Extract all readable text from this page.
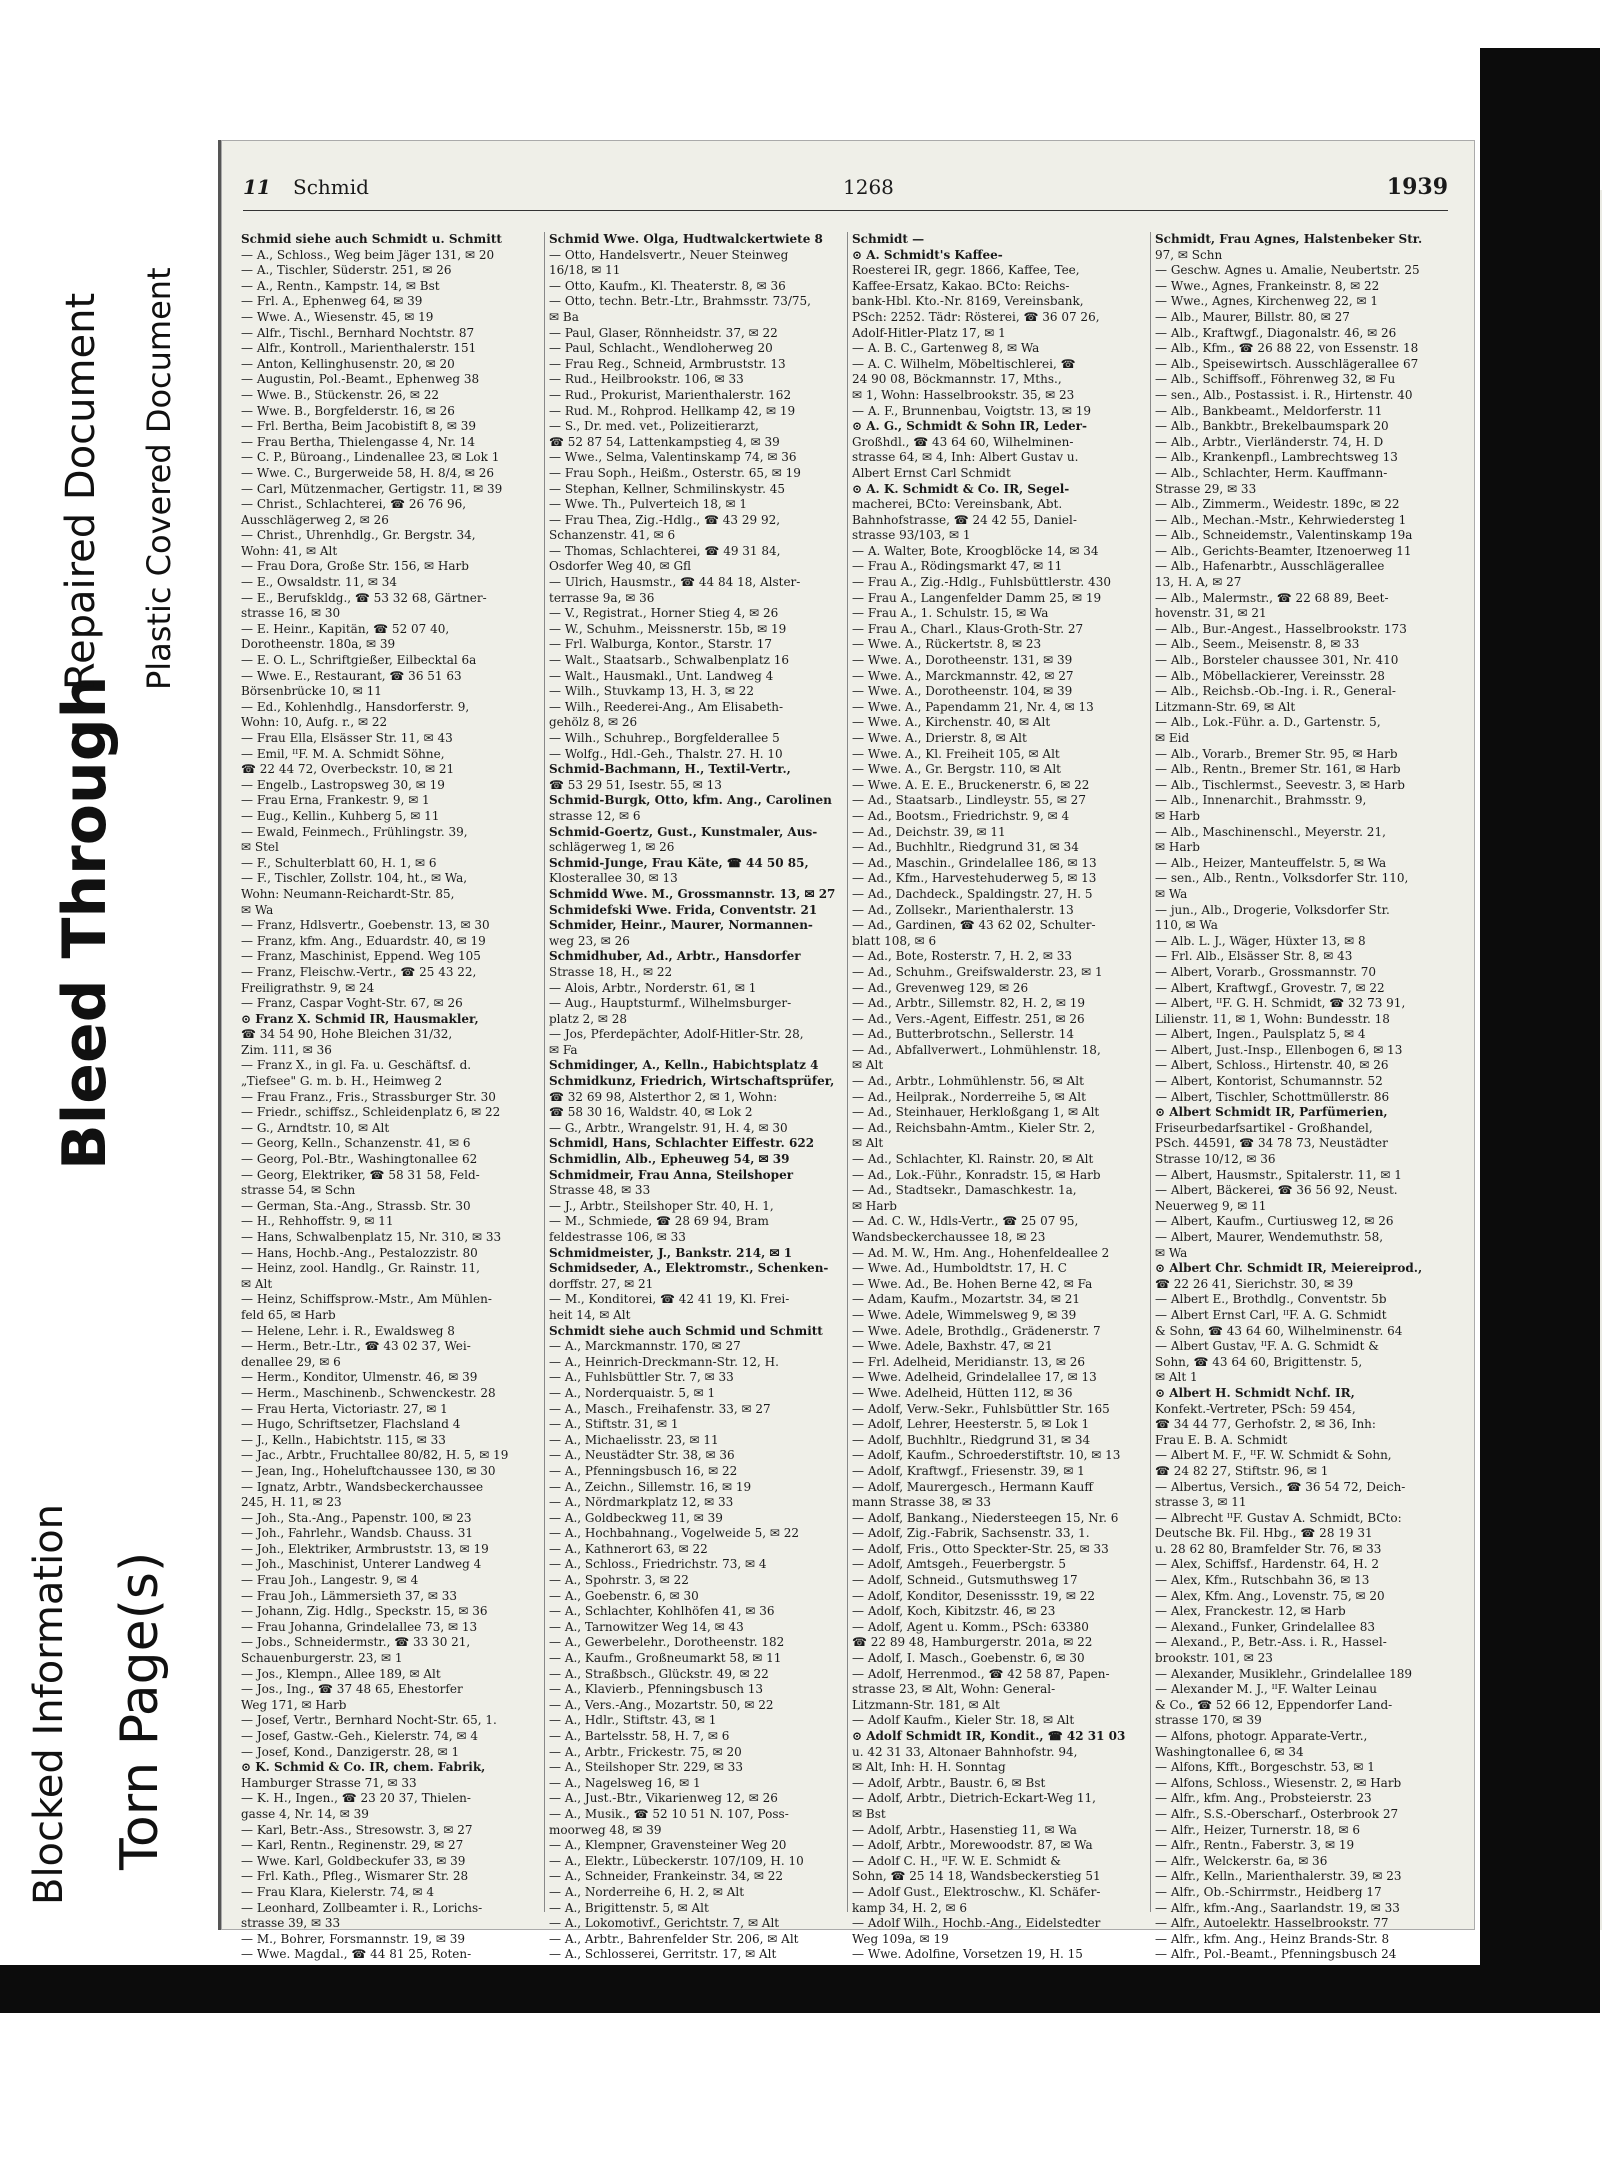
Blocked Information Torn Page(s)
Bleed Through
Repaired Document Plastic Covered Document
11 Schmid	1268	1939
Schmid siehe auch Schmidt u. Schmitt
— A., Schloss., Weg beim Jäger 131, ✉ 20
— A., Tischler, Süderstr. 251, ✉ 26
— A., Rentn., Kampstr. 14, ✉ Bst
— Frl. A., Ephenweg 64, ✉ 39
— Wwe. A., Wiesenstr. 45, ✉ 19
— Alfr., Tischl., Bernhard Nochtstr. 87
— Alfr., Kontroll., Marienthalerstr. 151
— Anton, Kellinghusenstr. 20, ✉ 20
— Augustin, Pol.-Beamt., Ephenweg 38
— Wwe. B., Stückenstr. 26, ✉ 22
— Wwe. B., Borgfelderstr. 16, ✉ 26
— Frl. Bertha, Beim Jacobistift 8, ✉ 39
— Frau Bertha, Thielengasse 4, Nr. 14
— C. P., Büroang., Lindenallee 23, ✉ Lok 1
— Wwe. C., Burgerweide 58, H. 8/4, ✉ 26
— Carl, Mützenmacher, Gertigstr. 11, ✉ 39
— Christ., Schlachterei, ☎ 26 76 96,
Ausschlägerweg 2, ✉ 26
— Christ., Uhrenhdlg., Gr. Bergstr. 34,
Wohn: 41, ✉ Alt
— Frau Dora, Große Str. 156, ✉ Harb
— E., Owsaldstr. 11, ✉ 34
— E., Berufskldg., ☎ 53 32 68, Gärtner-
strasse 16, ✉ 30
— E. Heinr., Kapitän, ☎ 52 07 40,
Dorotheenstr. 180a, ✉ 39
— E. O. L., Schriftgießer, Eilbecktal 6a
— Wwe. E., Restaurant, ☎ 36 51 63
Börsenbrücke 10, ✉ 11
— Ed., Kohlenhdlg., Hansdorferstr. 9,
Wohn: 10, Aufg. r., ✉ 22
— Frau Ella, Elsässer Str. 11, ✉ 43
— Emil, ᴵᴵF. M. A. Schmidt Söhne,
☎ 22 44 72, Overbeckstr. 10, ✉ 21
— Engelb., Lastropsweg 30, ✉ 19
— Frau Erna, Frankestr. 9, ✉ 1
— Eug., Kellin., Kuhberg 5, ✉ 11
— Ewald, Feinmech., Frühlingstr. 39,
✉ Stel
— F., Schulterblatt 60, H. 1, ✉ 6
— F., Tischler, Zollstr. 104, ht., ✉ Wa,
Wohn: Neumann-Reichardt-Str. 85,
✉ Wa
— Franz, Hdlsvertr., Goebenstr. 13, ✉ 30
— Franz, kfm. Ang., Eduardstr. 40, ✉ 19
— Franz, Maschinist, Eppend. Weg 105
— Franz, Fleischw.-Vertr., ☎ 25 43 22,
Freiligrathstr. 9, ✉ 24
— Franz, Caspar Voght-Str. 67, ✉ 26
⊙ Franz X. Schmid IR, Hausmakler,
☎ 34 54 90, Hohe Bleichen 31/32,
Zim. 111, ✉ 36
— Franz X., in gl. Fa. u. Geschäftsf. d.
„Tiefsee" G. m. b. H., Heimweg 2
— Frau Franz., Fris., Strassburger Str. 30
— Friedr., schiffsz., Schleidenplatz 6, ✉ 22
— G., Arndtstr. 10, ✉ Alt
— Georg, Kelln., Schanzenstr. 41, ✉ 6
— Georg, Pol.-Btr., Washingtonallee 62
— Georg, Elektriker, ☎ 58 31 58, Feld-
strasse 54, ✉ Schn
— German, Sta.-Ang., Strassb. Str. 30
— H., Rehhoffstr. 9, ✉ 11
— Hans, Schwalbenplatz 15, Nr. 310, ✉ 33
— Hans, Hochb.-Ang., Pestalozzistr. 80
— Heinz, zool. Handlg., Gr. Rainstr. 11,
✉ Alt
— Heinz, Schiffsprow.-Mstr., Am Mühlen-
feld 65, ✉ Harb
— Helene, Lehr. i. R., Ewaldsweg 8
— Herm., Betr.-Ltr., ☎ 43 02 37, Wei-
denallee 29, ✉ 6
— Herm., Konditor, Ulmenstr. 46, ✉ 39
— Herm., Maschinenb., Schwenckestr. 28
— Frau Herta, Victoriastr. 27, ✉ 1
— Hugo, Schriftsetzer, Flachsland 4
— J., Kelln., Habichtstr. 115, ✉ 33
— Jac., Arbtr., Fruchtallee 80/82, H. 5, ✉ 19
— Jean, Ing., Hoheluftchaussee 130, ✉ 30
— Ignatz, Arbtr., Wandsbeckerchaussee
245, H. 11, ✉ 23
— Joh., Sta.-Ang., Papenstr. 100, ✉ 23
— Joh., Fahrlehr., Wandsb. Chauss. 31
— Joh., Elektriker, Armbruststr. 13, ✉ 19
— Joh., Maschinist, Unterer Landweg 4
— Frau Joh., Langestr. 9, ✉ 4
— Frau Joh., Lämmersieth 37, ✉ 33
— Johann, Zig. Hdlg., Speckstr. 15, ✉ 36
— Frau Johanna, Grindelallee 73, ✉ 13
— Jobs., Schneidermstr., ☎ 33 30 21,
Schauenburgerstr. 23, ✉ 1
— Jos., Klempn., Allee 189, ✉ Alt
— Jos., Ing., ☎ 37 48 65, Ehestorfer
Weg 171, ✉ Harb
— Josef, Vertr., Bernhard Nocht-Str. 65, 1.
— Josef, Gastw.-Geh., Kielerstr. 74, ✉ 4
— Josef, Kond., Danzigerstr. 28, ✉ 1
⊙ K. Schmid & Co. IR, chem. Fabrik,
Hamburger Strasse 71, ✉ 33
— K. H., Ingen., ☎ 23 20 37, Thielen-
gasse 4, Nr. 14, ✉ 39
— Karl, Betr.-Ass., Stresowstr. 3, ✉ 27
— Karl, Rentn., Reginenstr. 29, ✉ 27
— Wwe. Karl, Goldbeckufer 33, ✉ 39
— Frl. Kath., Pfleg., Wismarer Str. 28
— Frau Klara, Kielerstr. 74, ✉ 4
— Leonhard, Zollbeamter i. R., Lorichs-
strasse 39, ✉ 33
— M., Bohrer, Forsmannstr. 19, ✉ 39
— Wwe. Magdal., ☎ 44 81 25, Roten-
Schmid Wwe. Olga, Hudtwalckertwiete 8
— Otto, Handelsvertr., Neuer Steinweg
16/18, ✉ 11
— Otto, Kaufm., Kl. Theaterstr. 8, ✉ 36
— Otto, techn. Betr.-Ltr., Brahmsstr. 73/75,
✉ Ba
— Paul, Glaser, Rönnheidstr. 37, ✉ 22
— Paul, Schlacht., Wendloherweg 20
— Frau Reg., Schneid, Armbruststr. 13
— Rud., Heilbrookstr. 106, ✉ 33
— Rud., Prokurist, Marienthalerstr. 162
— Rud. M., Rohprod. Hellkamp 42, ✉ 19
— S., Dr. med. vet., Polizeitierarzt,
☎ 52 87 54, Lattenkampstieg 4, ✉ 39
— Wwe., Selma, Valentinskamp 74, ✉ 36
— Frau Soph., Heißm., Osterstr. 65, ✉ 19
— Stephan, Kellner, Schmilinskystr. 45
— Wwe. Th., Pulverteich 18, ✉ 1
— Frau Thea, Zig.-Hdlg., ☎ 43 29 92,
Schanzenstr. 41, ✉ 6
— Thomas, Schlachterei, ☎ 49 31 84,
Osdorfer Weg 40, ✉ Gfl
— Ulrich, Hausmstr., ☎ 44 84 18, Alster-
terrasse 9a, ✉ 36
— V., Registrat., Horner Stieg 4, ✉ 26
— W., Schuhm., Meissnerstr. 15b, ✉ 19
— Frl. Walburga, Kontor., Starstr. 17
— Walt., Staatsarb., Schwalbenplatz 16
— Walt., Hausmakl., Unt. Landweg 4
— Wilh., Stuvkamp 13, H. 3, ✉ 22
— Wilh., Reederei-Ang., Am Elisabeth-
gehölz 8, ✉ 26
— Wilh., Schuhrep., Borgfelderallee 5
— Wolfg., Hdl.-Geh., Thalstr. 27. H. 10
Schmid-Bachmann, H., Textil-Vertr.,
☎ 53 29 51, Isestr. 55, ✉ 13
Schmid-Burgk, Otto, kfm. Ang., Carolinen
strasse 12, ✉ 6
Schmid-Goertz, Gust., Kunstmaler, Aus-
schlägerweg 1, ✉ 26
Schmid-Junge, Frau Käte, ☎ 44 50 85,
Klosterallee 30, ✉ 13
Schmidd Wwe. M., Grossmannstr. 13, ✉ 27
Schmidefski Wwe. Frida, Conventstr. 21
Schmider, Heinr., Maurer, Normannen-
weg 23, ✉ 26
Schmidhuber, Ad., Arbtr., Hansdorfer
Strasse 18, H., ✉ 22
— Alois, Arbtr., Norderstr. 61, ✉ 1
— Aug., Hauptsturmf., Wilhelmsburger-
platz 2, ✉ 28
— Jos, Pferdepächter, Adolf-Hitler-Str. 28,
✉ Fa
Schmidinger, A., Kelln., Habichtsplatz 4
Schmidkunz, Friedrich, Wirtschaftsprüfer,
☎ 32 69 98, Alsterthor 2, ✉ 1, Wohn:
☎ 58 30 16, Waldstr. 40, ✉ Lok 2
— G., Arbtr., Wrangelstr. 91, H. 4, ✉ 30
Schmidl, Hans, Schlachter Eiffestr. 622
Schmidlin, Alb., Epheuweg 54, ✉ 39
Schmidmeir, Frau Anna, Steilshoper
Strasse 48, ✉ 33
— J., Arbtr., Steilshoper Str. 40, H. 1,
— M., Schmiede, ☎ 28 69 94, Bram
feldestrasse 106, ✉ 33
Schmidmeister, J., Bankstr. 214, ✉ 1
Schmidseder, A., Elektromstr., Schenken-
dorffstr. 27, ✉ 21
— M., Konditorei, ☎ 42 41 19, Kl. Frei-
heit 14, ✉ Alt
Schmidt siehe auch Schmid und Schmitt
— A., Marckmannstr. 170, ✉ 27
— A., Heinrich-Dreckmann-Str. 12, H.
— A., Fuhlsbüttler Str. 7, ✉ 33
— A., Norderquaistr. 5, ✉ 1
— A., Masch., Freihafenstr. 33, ✉ 27
— A., Stiftstr. 31, ✉ 1
— A., Michaelisstr. 23, ✉ 11
— A., Neustädter Str. 38, ✉ 36
— A., Pfenningsbusch 16, ✉ 22
— A., Zeichn., Sillemstr. 16, ✉ 19
— A., Nördmarkplatz 12, ✉ 33
— A., Goldbeckweg 11, ✉ 39
— A., Hochbahnang., Vogelweide 5, ✉ 22
— A., Kathnerort 63, ✉ 22
— A., Schloss., Friedrichstr. 73, ✉ 4
— A., Spohrstr. 3, ✉ 22
— A., Goebenstr. 6, ✉ 30
— A., Schlachter, Kohlhöfen 41, ✉ 36
— A., Tarnowitzer Weg 14, ✉ 43
— A., Gewerbelehr., Dorotheenstr. 182
— A., Kaufm., Großneumarkt 58, ✉ 11
— A., Straßbsch., Glückstr. 49, ✉ 22
— A., Klavierb., Pfenningsbusch 13
— A., Vers.-Ang., Mozartstr. 50, ✉ 22
— A., Hdlr., Stiftstr. 43, ✉ 1
— A., Bartelsstr. 58, H. 7, ✉ 6
— A., Arbtr., Frickestr. 75, ✉ 20
— A., Steilshoper Str. 229, ✉ 33
— A., Nagelsweg 16, ✉ 1
— A., Just.-Btr., Vikarienweg 12, ✉ 26
— A., Musik., ☎ 52 10 51 N. 107, Poss-
moorweg 48, ✉ 39
— A., Klempner, Gravensteiner Weg 20
— A., Elektr., Lübeckerstr. 107/109, H. 10
— A., Schneider, Frankeinstr. 34, ✉ 22
— A., Norderreihe 6, H. 2, ✉ Alt
— A., Brigittenstr. 5, ✉ Alt
— A., Lokomotivf., Gerichtstr. 7, ✉ Alt
— A., Arbtr., Bahrenfelder Str. 206, ✉ Alt
— A., Schlosserei, Gerritstr. 17, ✉ Alt
Schmidt —
⊙ A. Schmidt's Kaffee-
Roesterei IR, gegr. 1866, Kaffee, Tee,
Kaffee-Ersatz, Kakao. BCto: Reichs-
bank-Hbl. Kto.-Nr. 8169, Vereinsbank,
PSch: 2252. Tädr: Rösterei, ☎ 36 07 26,
Adolf-Hitler-Platz 17, ✉ 1
— A. B. C., Gartenweg 8, ✉ Wa
— A. C. Wilhelm, Möbeltischlerei, ☎
24 90 08, Böckmannstr. 17, Mths.,
✉ 1, Wohn: Hasselbrookstr. 35, ✉ 23
— A. F., Brunnenbau, Voigtstr. 13, ✉ 19
⊙ A. G., Schmidt & Sohn IR, Leder-
Großhdl., ☎ 43 64 60, Wilhelminen-
strasse 64, ✉ 4, Inh: Albert Gustav u.
Albert Ernst Carl Schmidt
⊙ A. K. Schmidt & Co. IR, Segel-
macherei, BCto: Vereinsbank, Abt.
Bahnhofstrasse, ☎ 24 42 55, Daniel-
strasse 93/103, ✉ 1
— A. Walter, Bote, Kroogblöcke 14, ✉ 34
— Frau A., Rödingsmarkt 47, ✉ 11
— Frau A., Zig.-Hdlg., Fuhlsbüttlerstr. 430
— Frau A., Langenfelder Damm 25, ✉ 19
— Frau A., 1. Schulstr. 15, ✉ Wa
— Frau A., Charl., Klaus-Groth-Str. 27
— Wwe. A., Rückertstr. 8, ✉ 23
— Wwe. A., Dorotheenstr. 131, ✉ 39
— Wwe. A., Marckmannstr. 42, ✉ 27
— Wwe. A., Dorotheenstr. 104, ✉ 39
— Wwe. A., Papendamm 21, Nr. 4, ✉ 13
— Wwe. A., Kirchenstr. 40, ✉ Alt
— Wwe. A., Drierstr. 8, ✉ Alt
— Wwe. A., Kl. Freiheit 105, ✉ Alt
— Wwe. A., Gr. Bergstr. 110, ✉ Alt
— Wwe. A. E. E., Bruckenerstr. 6, ✉ 22
— Ad., Staatsarb., Lindleystr. 55, ✉ 27
— Ad., Bootsm., Friedrichstr. 9, ✉ 4
— Ad., Deichstr. 39, ✉ 11
— Ad., Buchhltr., Riedgrund 31, ✉ 34
— Ad., Maschin., Grindelallee 186, ✉ 13
— Ad., Kfm., Harvestehuderweg 5, ✉ 13
— Ad., Dachdeck., Spaldingstr. 27, H. 5
— Ad., Zollsekr., Marienthalerstr. 13
— Ad., Gardinen, ☎ 43 62 02, Schulter-
blatt 108, ✉ 6
— Ad., Bote, Rosterstr. 7, H. 2, ✉ 33
— Ad., Schuhm., Greifswalderstr. 23, ✉ 1
— Ad., Grevenweg 129, ✉ 26
— Ad., Arbtr., Sillemstr. 82, H. 2, ✉ 19
— Ad., Vers.-Agent, Eiffestr. 251, ✉ 26
— Ad., Butterbrotschn., Sellerstr. 14
— Ad., Abfallverwert., Lohmühlenstr. 18,
✉ Alt
— Ad., Arbtr., Lohmühlenstr. 56, ✉ Alt
— Ad., Heilprak., Norderreihe 5, ✉ Alt
— Ad., Steinhauer, Herkloßgang 1, ✉ Alt
— Ad., Reichsbahn-Amtm., Kieler Str. 2,
✉ Alt
— Ad., Schlachter, Kl. Rainstr. 20, ✉ Alt
— Ad., Lok.-Führ., Konradstr. 15, ✉ Harb
— Ad., Stadtsekr., Damaschkestr. 1a,
✉ Harb
— Ad. C. W., Hdls-Vertr., ☎ 25 07 95,
Wandsbeckerchaussee 18, ✉ 23
— Ad. M. W., Hm. Ang., Hohenfeldeallee 2
— Wwe. Ad., Humboldtstr. 17, H. C
— Wwe. Ad., Be. Hohen Berne 42, ✉ Fa
— Adam, Kaufm., Mozartstr. 34, ✉ 21
— Wwe. Adele, Wimmelsweg 9, ✉ 39
— Wwe. Adele, Brothdlg., Grädenerstr. 7
— Wwe. Adele, Baxhstr. 47, ✉ 21
— Frl. Adelheid, Meridianstr. 13, ✉ 26
— Wwe. Adelheid, Grindelallee 17, ✉ 13
— Wwe. Adelheid, Hütten 112, ✉ 36
— Adolf, Verw.-Sekr., Fuhlsbüttler Str. 165
— Adolf, Lehrer, Heesterstr. 5, ✉ Lok 1
— Adolf, Buchhltr., Riedgrund 31, ✉ 34
— Adolf, Kaufm., Schroederstiftstr. 10, ✉ 13
— Adolf, Kraftwgf., Friesenstr. 39, ✉ 1
— Adolf, Maurergesch., Hermann Kauff
mann Strasse 38, ✉ 33
— Adolf, Bankang., Niedersteegen 15, Nr. 6
— Adolf, Zig.-Fabrik, Sachsenstr. 33, 1.
— Adolf, Fris., Otto Speckter-Str. 25, ✉ 33
— Adolf, Amtsgeh., Feuerbergstr. 5
— Adolf, Schneid., Gutsmuthsweg 17
— Adolf, Konditor, Desenissstr. 19, ✉ 22
— Adolf, Koch, Kibitzstr. 46, ✉ 23
— Adolf, Agent u. Komm., PSch: 63380
☎ 22 89 48, Hamburgerstr. 201a, ✉ 22
— Adolf, I. Masch., Goebenstr. 6, ✉ 30
— Adolf, Herrenmod., ☎ 42 58 87, Papen-
strasse 23, ✉ Alt, Wohn: General-
Litzmann-Str. 181, ✉ Alt
— Adolf Kaufm., Kieler Str. 18, ✉ Alt
⊙ Adolf Schmidt IR, Kondit., ☎ 42 31 03
u. 42 31 33, Altonaer Bahnhofstr. 94,
✉ Alt, Inh: H. H. Sonntag
— Adolf, Arbtr., Baustr. 6, ✉ Bst
— Adolf, Arbtr., Dietrich-Eckart-Weg 11,
✉ Bst
— Adolf, Arbtr., Hasenstieg 11, ✉ Wa
— Adolf, Arbtr., Morewoodstr. 87, ✉ Wa
— Adolf C. H., ᴵᴵF. W. E. Schmidt &
Sohn, ☎ 25 14 18, Wandsbeckerstieg 51
— Adolf Gust., Elektroschw., Kl. Schäfer-
kamp 34, H. 2, ✉ 6
— Adolf Wilh., Hochb.-Ang., Eidelstedter
Weg 109a, ✉ 19
— Wwe. Adolfine, Vorsetzen 19, H. 15
Schmidt, Frau Agnes, Halstenbeker Str.
97, ✉ Schn
— Geschw. Agnes u. Amalie, Neubertstr. 25
— Wwe., Agnes, Frankeinstr. 8, ✉ 22
— Wwe., Agnes, Kirchenweg 22, ✉ 1
— Alb., Maurer, Billstr. 80, ✉ 27
— Alb., Kraftwgf., Diagonalstr. 46, ✉ 26
— Alb., Kfm., ☎ 26 88 22, von Essenstr. 18
— Alb., Speisewirtsch. Ausschlägerallee 67
— Alb., Schiffsoff., Föhrenweg 32, ✉ Fu
— sen., Alb., Postassist. i. R., Hirtenstr. 40
— Alb., Bankbeamt., Meldorferstr. 11
— Alb., Bankbtr., Brekelbaumspark 20
— Alb., Arbtr., Vierländerstr. 74, H. D
— Alb., Krankenpfl., Lambrechtsweg 13
— Alb., Schlachter, Herm. Kauffmann-
Strasse 29, ✉ 33
— Alb., Zimmerm., Weidestr. 189c, ✉ 22
— Alb., Mechan.-Mstr., Kehrwiedersteg 1
— Alb., Schneidemstr., Valentinskamp 19a
— Alb., Gerichts-Beamter, Itzenoerweg 11
— Alb., Hafenarbtr., Ausschlägerallee
13, H. A, ✉ 27
— Alb., Malermstr., ☎ 22 68 89, Beet-
hovenstr. 31, ✉ 21
— Alb., Bur.-Angest., Hasselbrookstr. 173
— Alb., Seem., Meisenstr. 8, ✉ 33
— Alb., Borsteler chaussee 301, Nr. 410
— Alb., Möbellackierer, Vereinsstr. 28
— Alb., Reichsb.-Ob.-Ing. i. R., General-
Litzmann-Str. 69, ✉ Alt
— Alb., Lok.-Führ. a. D., Gartenstr. 5,
✉ Eid
— Alb., Vorarb., Bremer Str. 95, ✉ Harb
— Alb., Rentn., Bremer Str. 161, ✉ Harb
— Alb., Tischlermst., Seevestr. 3, ✉ Harb
— Alb., Innenarchit., Brahmsstr. 9,
✉ Harb
— Alb., Maschinenschl., Meyerstr. 21,
✉ Harb
— Alb., Heizer, Manteuffelstr. 5, ✉ Wa
— sen., Alb., Rentn., Volksdorfer Str. 110,
✉ Wa
— jun., Alb., Drogerie, Volksdorfer Str.
110, ✉ Wa
— Alb. L. J., Wäger, Hüxter 13, ✉ 8
— Frl. Alb., Elsässer Str. 8, ✉ 43
— Albert, Vorarb., Grossmannstr. 70
— Albert, Kraftwgf., Grovestr. 7, ✉ 22
— Albert, ᴵᴵF. G. H. Schmidt, ☎ 32 73 91,
Lilienstr. 11, ✉ 1, Wohn: Bundesstr. 18
— Albert, Ingen., Paulsplatz 5, ✉ 4
— Albert, Just.-Insp., Ellenbogen 6, ✉ 13
— Albert, Schloss., Hirtenstr. 40, ✉ 26
— Albert, Kontorist, Schumannstr. 52
— Albert, Tischler, Schottmüllerstr. 86
⊙ Albert Schmidt IR, Parfümerien,
Friseurbedarfsartikel - Großhandel,
PSch. 44591, ☎ 34 78 73, Neustädter
Strasse 10/12, ✉ 36
— Albert, Hausmstr., Spitalerstr. 11, ✉ 1
— Albert, Bäckerei, ☎ 36 56 92, Neust.
Neuerweg 9, ✉ 11
— Albert, Kaufm., Curtiusweg 12, ✉ 26
— Albert, Maurer, Wendemuthstr. 58,
✉ Wa
⊙ Albert Chr. Schmidt IR, Meiereiprod.,
☎ 22 26 41, Sierichstr. 30, ✉ 39
— Albert E., Brothdlg., Conventstr. 5b
— Albert Ernst Carl, ᴵᴵF. A. G. Schmidt
& Sohn, ☎ 43 64 60, Wilhelminenstr. 64
— Albert Gustav, ᴵᴵF. A. G. Schmidt &
Sohn, ☎ 43 64 60, Brigittenstr. 5,
✉ Alt 1
⊙ Albert H. Schmidt Nchf. IR,
Konfekt.-Vertreter, PSch: 59 454,
☎ 34 44 77, Gerhofstr. 2, ✉ 36, Inh:
Frau E. B. A. Schmidt
— Albert M. F., ᴵᴵF. W. Schmidt & Sohn,
☎ 24 82 27, Stiftstr. 96, ✉ 1
— Albertus, Versich., ☎ 36 54 72, Deich-
strasse 3, ✉ 11
— Albrecht ᴵᴵF. Gustav A. Schmidt, BCto:
Deutsche Bk. Fil. Hbg., ☎ 28 19 31
u. 28 62 80, Bramfelder Str. 76, ✉ 33
— Alex, Schiffsf., Hardenstr. 64, H. 2
— Alex, Kfm., Rutschbahn 36, ✉ 13
— Alex, Kfm. Ang., Lovenstr. 75, ✉ 20
— Alex, Franckestr. 12, ✉ Harb
— Alexand., Funker, Grindelallee 83
— Alexand., P., Betr.-Ass. i. R., Hassel-
brookstr. 101, ✉ 23
— Alexander, Musiklehr., Grindelallee 189
— Alexander M. J., ᴵᴵF. Walter Leinau
& Co., ☎ 52 66 12, Eppendorfer Land-
strasse 170, ✉ 39
— Alfons, photogr. Apparate-Vertr.,
Washingtonallee 6, ✉ 34
— Alfons, Kfft., Borgeschstr. 53, ✉ 1
— Alfons, Schloss., Wiesenstr. 2, ✉ Harb
— Alfr., kfm. Ang., Probsteierstr. 23
— Alfr., S.S.-Oberscharf., Osterbrook 27
— Alfr., Heizer, Turnerstr. 18, ✉ 6
— Alfr., Rentn., Faberstr. 3, ✉ 19
— Alfr., Welckerstr. 6a, ✉ 36
— Alfr., Kelln., Marienthalerstr. 39, ✉ 23
— Alfr., Ob.-Schirrmstr., Heidberg 17
— Alfr., kfm.-Ang., Saarlandstr. 19, ✉ 33
— Alfr., Autoelektr. Hasselbrookstr. 77
— Alfr., kfm. Ang., Heinz Brands-Str. 8
— Alfr., Pol.-Beamt., Pfenningsbusch 24
